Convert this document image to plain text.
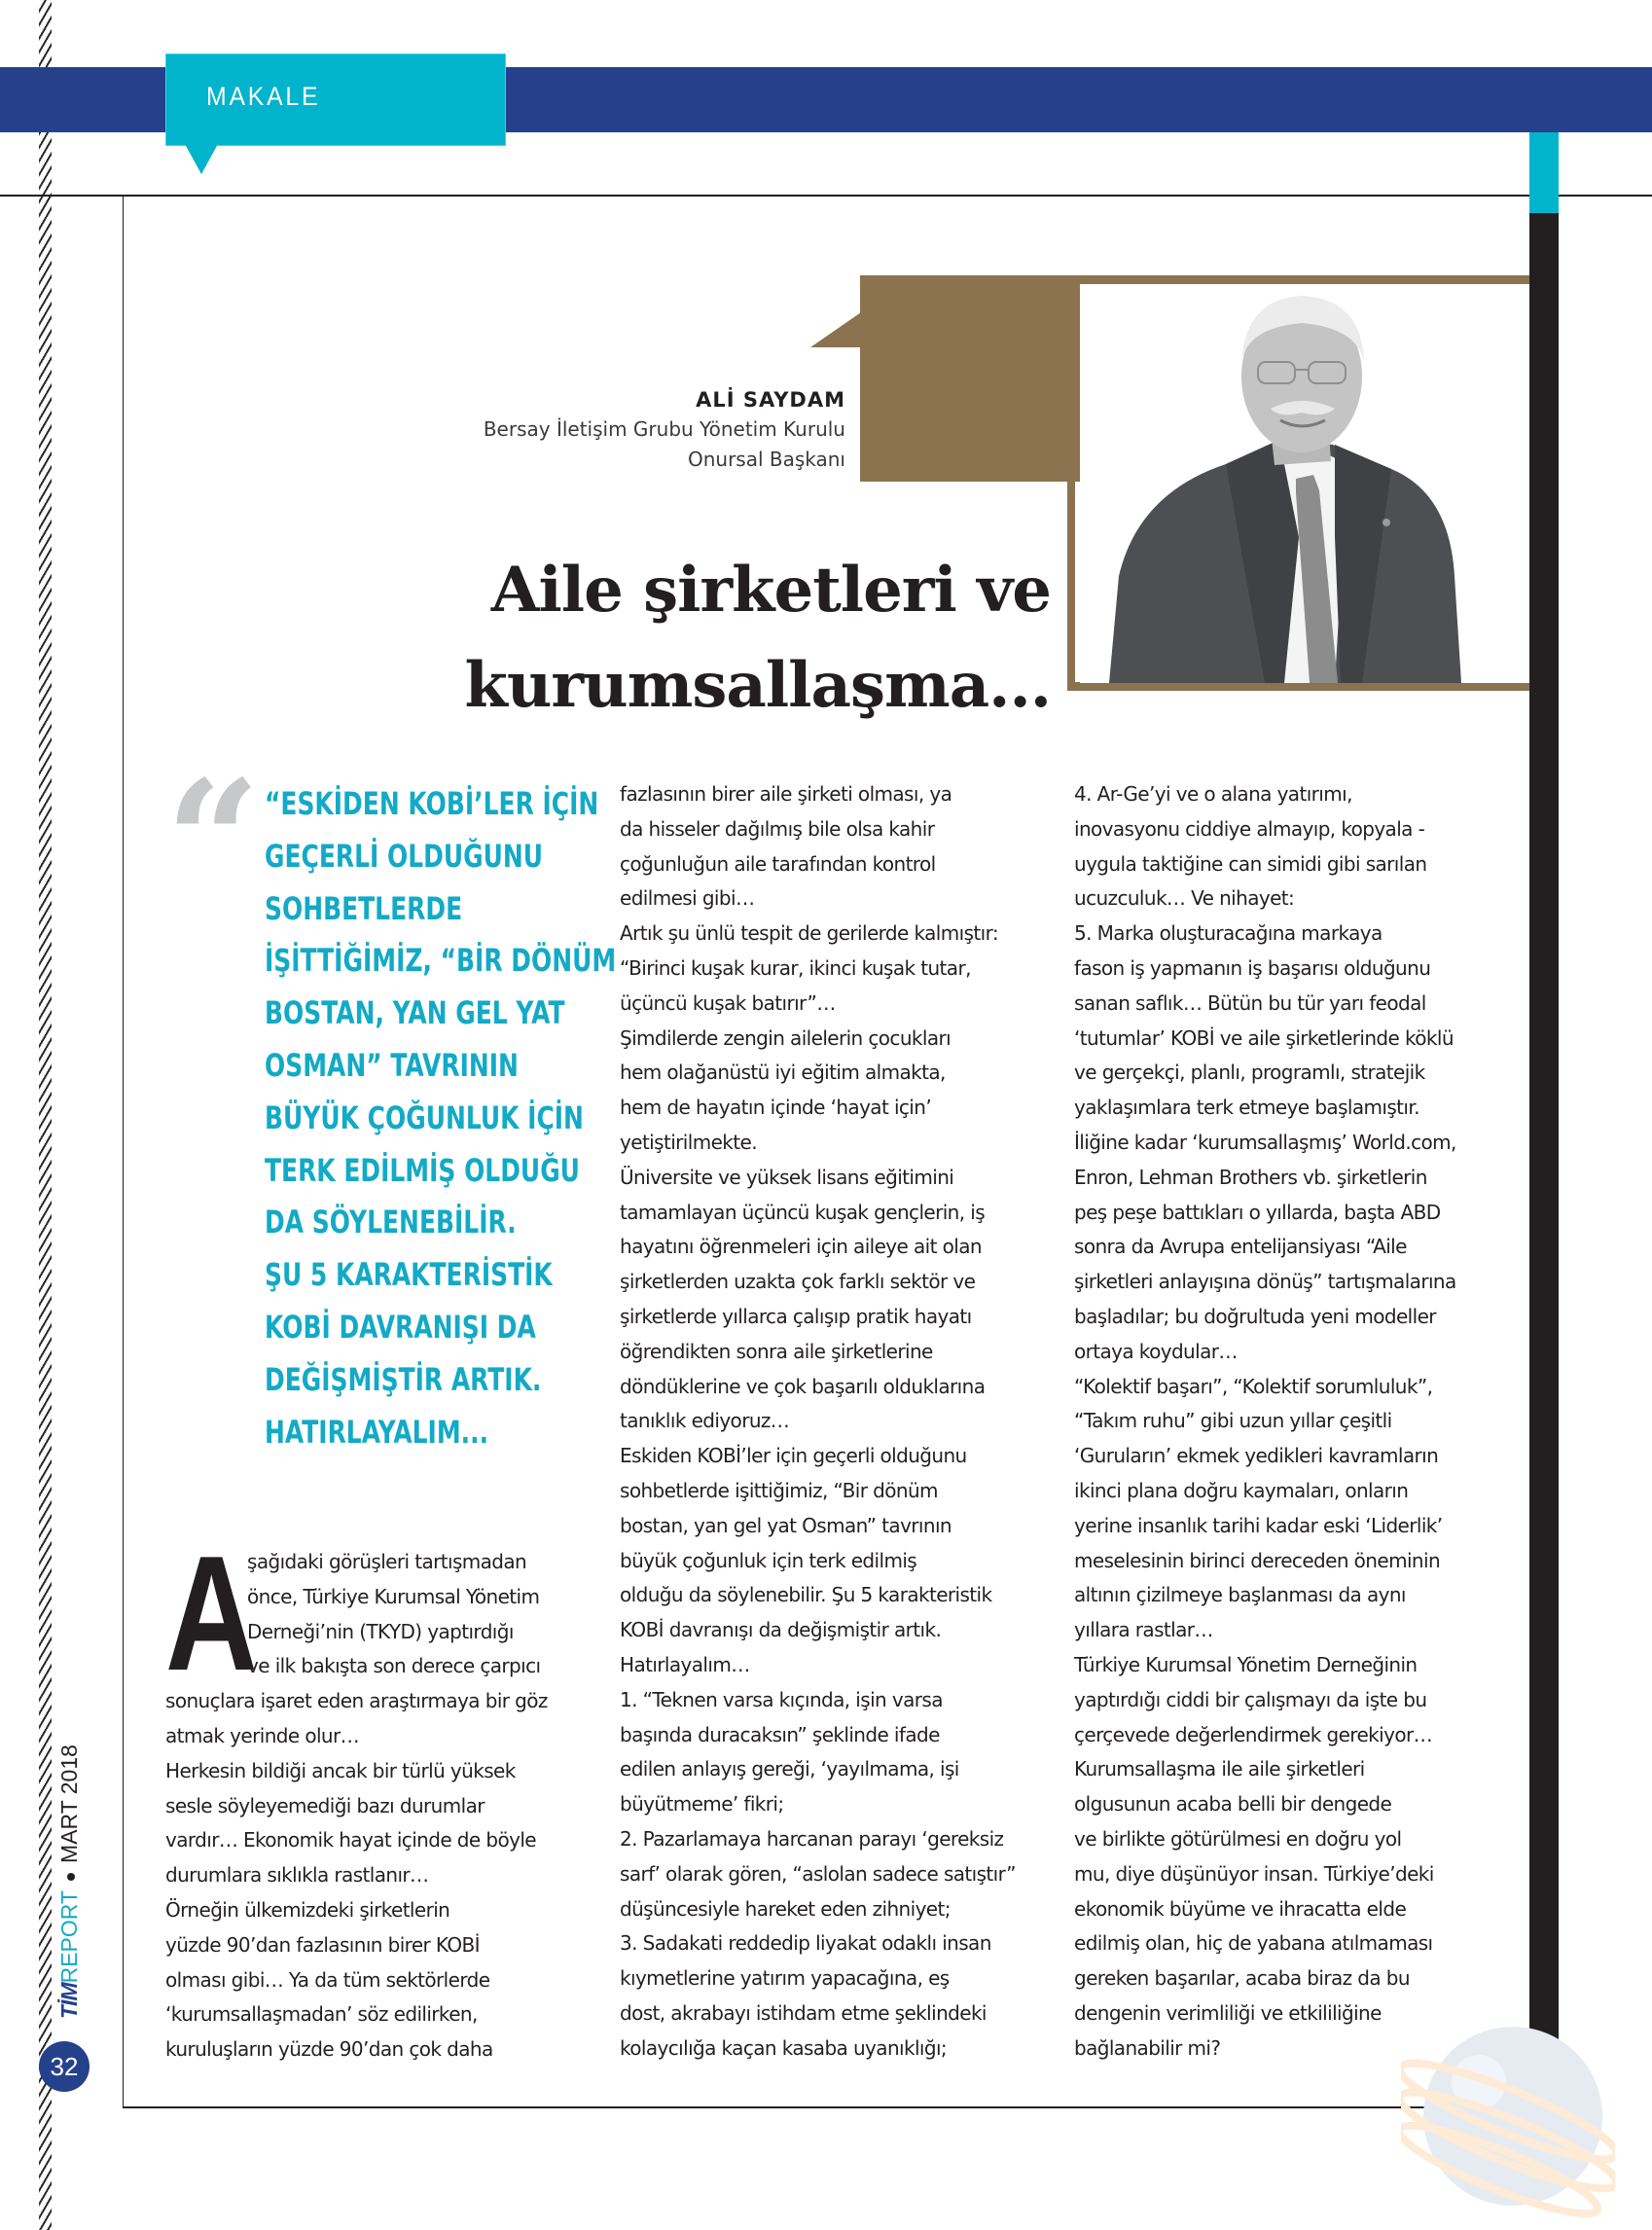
MAKALE
ALİ SAYDAM
Bersay İletişim Grubu Yönetim Kurulu
Onursal Başkanı
Aile şirketleri ve
kurumsallaşma...
“ “ESKİDEN KOBİ’LER İÇİN
GEÇERLİ OLDUĞUNU
SOHBETLERDE
İŞİTTİĞİMİZ, “BİR DÖNÜM
BOSTAN, YAN GEL YAT
OSMAN” TAVRININ
BÜYÜK ÇOĞUNLUK İÇİN
TERK EDİLMİŞ OLDUĞU
DA SÖYLENEBİLİR.
ŞU 5 KARAKTERİSTİK
KOBİ DAVRANIŞI DA
DEĞİŞMİŞTİR ARTIK.
HATIRLAYALIM...
A
şağıdaki görüşleri tartışmadan
önce, Türkiye Kurumsal Yönetim
Derneği’nin (TKYD) yaptırdığı
ve ilk bakışta son derece çarpıcı
sonuçlara işaret eden araştırmaya bir göz
atmak yerinde olur…
Herkesin bildiği ancak bir türlü yüksek
sesle söyleyemediği bazı durumlar
vardır… Ekonomik hayat içinde de böyle
durumlara sıklıkla rastlanır…
Örneğin ülkemizdeki şirketlerin
yüzde 90’dan fazlasının birer KOBİ
olması gibi… Ya da tüm sektörlerde
‘kurumsallaşmadan’ söz edilirken,
kuruluşların yüzde 90’dan çok daha
fazlasının birer aile şirketi olması, ya
da hisseler dağılmış bile olsa kahir
çoğunluğun aile tarafından kontrol
edilmesi gibi…
Artık şu ünlü tespit de gerilerde kalmıştır:
“Birinci kuşak kurar, ikinci kuşak tutar,
üçüncü kuşak batırır”…
Şimdilerde zengin ailelerin çocukları
hem olağanüstü iyi eğitim almakta,
hem de hayatın içinde ‘hayat için’
yetiştirilmekte.
Üniversite ve yüksek lisans eğitimini
tamamlayan üçüncü kuşak gençlerin, iş
hayatını öğrenmeleri için aileye ait olan
şirketlerden uzakta çok farklı sektör ve
şirketlerde yıllarca çalışıp pratik hayatı
öğrendikten sonra aile şirketlerine
döndüklerine ve çok başarılı olduklarına
tanıklık ediyoruz…
Eskiden KOBİ’ler için geçerli olduğunu
sohbetlerde işittiğimiz, “Bir dönüm
bostan, yan gel yat Osman” tavrının
büyük çoğunluk için terk edilmiş
olduğu da söylenebilir. Şu 5 karakteristik
KOBİ davranışı da değişmiştir artık.
Hatırlayalım…
1. “Teknen varsa kıçında, işin varsa
başında duracaksın” şeklinde ifade
edilen anlayış gereği, ‘yayılmama, işi
büyütmeme’ fikri;
2. Pazarlamaya harcanan parayı ‘gereksiz
sarf’ olarak gören, “aslolan sadece satıştır”
düşüncesiyle hareket eden zihniyet;
3. Sadakati reddedip liyakat odaklı insan
kıymetlerine yatırım yapacağına, eş
dost, akrabayı istihdam etme şeklindeki
kolaycılığa kaçan kasaba uyanıklığı;
4. Ar-Ge’yi ve o alana yatırımı,
inovasyonu ciddiye almayıp, kopyala -
uygula taktiğine can simidi gibi sarılan
ucuzculuk… Ve nihayet:
5. Marka oluşturacağına markaya
fason iş yapmanın iş başarısı olduğunu
sanan saflık… Bütün bu tür yarı feodal
‘tutumlar’ KOBİ ve aile şirketlerinde köklü
ve gerçekçi, planlı, programlı, stratejik
yaklaşımlara terk etmeye başlamıştır.
İliğine kadar ‘kurumsallaşmış’ World.com,
Enron, Lehman Brothers vb. şirketlerin
peş peşe battıkları o yıllarda, başta ABD
sonra da Avrupa entelijansiyası “Aile
şirketleri anlayışına dönüş” tartışmalarına
başladılar; bu doğrultuda yeni modeller
ortaya koydular…
“Kolektif başarı”, “Kolektif sorumluluk”,
“Takım ruhu” gibi uzun yıllar çeşitli
‘Guruların’ ekmek yedikleri kavramların
ikinci plana doğru kaymaları, onların
yerine insanlık tarihi kadar eski ‘Liderlik’
meselesinin birinci dereceden öneminin
altının çizilmeye başlanması da aynı
yıllara rastlar…
Türkiye Kurumsal Yönetim Derneğinin
yaptırdığı ciddi bir çalışmayı da işte bu
çerçevede değerlendirmek gerekiyor…
Kurumsallaşma ile aile şirketleri
olgusunun acaba belli bir dengede
ve birlikte götürülmesi en doğru yol
mu, diye düşünüyor insan. Türkiye’deki
ekonomik büyüme ve ihracatta elde
edilmiş olan, hiç de yabana atılmaması
gereken başarılar, acaba biraz da bu
dengenin verimliliği ve etkililiğine
bağlanabilir mi?
TİMREPORTMART 2018
32
